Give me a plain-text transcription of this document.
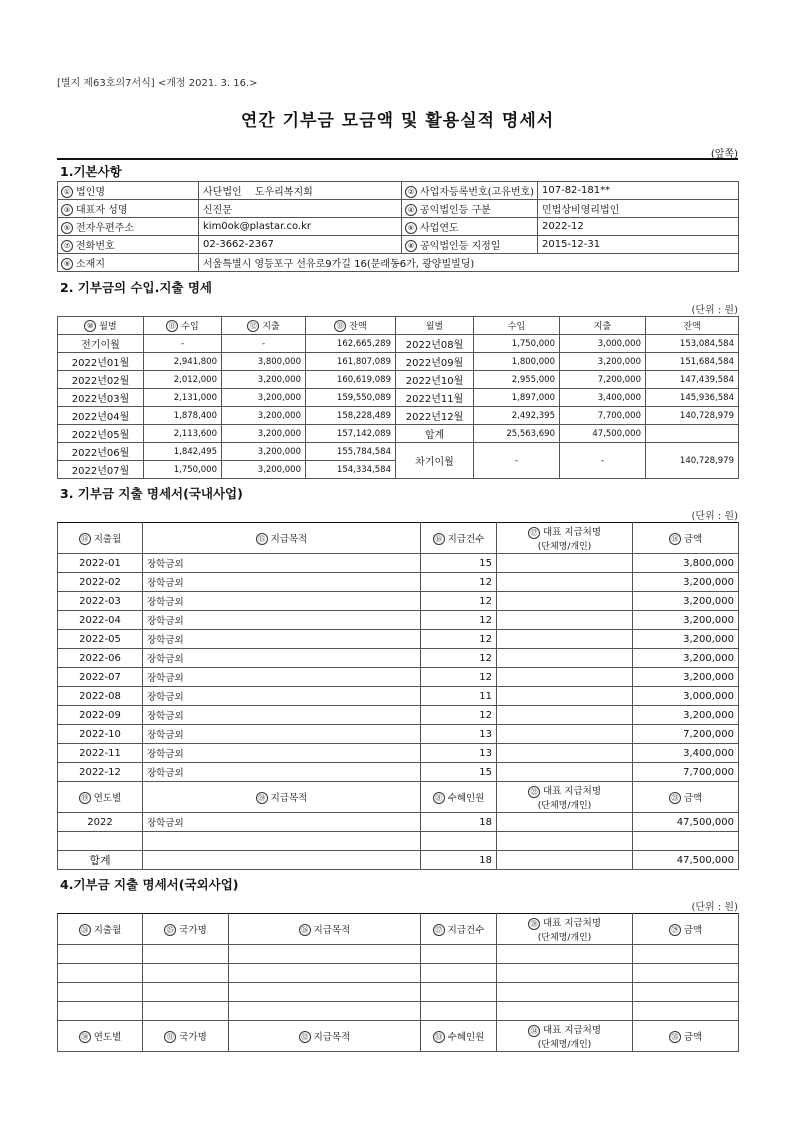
[별지 제63호의7서식] <개정 2021. 3. 16.>
연간 기부금 모금액 및 활용실적 명세서
(앞쪽)
1.기본사항
① 법인명	사단법인 　도우리복지회	② 사업자등록번호(고유번호)	107-82-181**
③ 대표자 성명	신진문	④ 공익법인등 구분	민법상비영리법인
⑤ 전자우편주소	kim0ok@plastar.co.kr	⑥ 사업연도	2022-12
⑦ 전화번호	02-3662-2367	⑧ 공익법인등 지정일	2015-12-31
⑨ 소재지	서울특별시 영등포구 선유로9가길 16(문래동6가, 광양빌빌딩)		
2. 기부금의 수입.지출 명세
(단위 : 원)
⑩ 월별	⑪ 수입	⑫ 지출	⑬ 잔액	월별	수입	지출	잔액
전기이월	-	-	162,665,289	2022년08월	1,750,000	3,000,000	153,084,584
2022년01월	2,941,800	3,800,000	161,807,089	2022년09월	1,800,000	3,200,000	151,684,584
2022년02월	2,012,000	3,200,000	160,619,089	2022년10월	2,955,000	7,200,000	147,439,584
2022년03월	2,131,000	3,200,000	159,550,089	2022년11월	1,897,000	3,400,000	145,936,584
2022년04월	1,878,400	3,200,000	158,228,489	2022년12월	2,492,395	7,700,000	140,728,979
2022년05월	2,113,600	3,200,000	157,142,089	합계	25,563,690	47,500,000	
2022년06월	1,842,495	3,200,000	155,784,584	차기이월	-	-	140,728,979
2022년07월	1,750,000	3,200,000	154,334,584				
3. 기부금 지출 명세서(국내사업)
(단위 : 원)
⑭ 지출월	⑮ 지급목적	⑯ 지급건수	⑰ 대표 지급처명
(단체명/개인)	⑱ 금액
2022-01	장학금외	15		3,800,000
2022-02	장학금외	12		3,200,000
2022-03	장학금외	12		3,200,000
2022-04	장학금외	12		3,200,000
2022-05	장학금외	12		3,200,000
2022-06	장학금외	12		3,200,000
2022-07	장학금외	12		3,200,000
2022-08	장학금외	11		3,000,000
2022-09	장학금외	12		3,200,000
2022-10	장학금외	13		7,200,000
2022-11	장학금외	13		3,400,000
2022-12	장학금외	15		7,700,000
⑲ 연도별	⑳ 지급목적	㉑ 수혜인원	㉒ 대표 지급처명
(단체명/개인)	㉓ 금액
2022	장학금외	18		47,500,000

합계		18		47,500,000
4.기부금 지출 명세서(국외사업)
(단위 : 원)
㉔ 지출월	㉕ 국가명	㉖ 지급목적	㉗ 지급건수	㉘ 대표 지급처명
(단체명/개인)	㉙ 금액

㉚ 연도별	㉛ 국가명	㉜ 지급목적	㉝ 수혜인원	㉞ 대표 지급처명
(단체명/개인)	㉟ 금액
